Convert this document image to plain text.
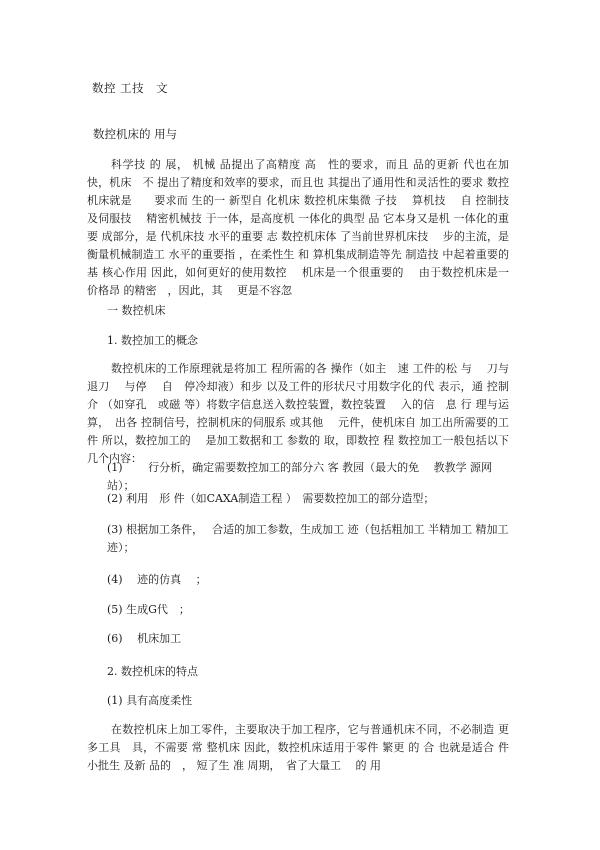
数控 工技　文
数控机床的 用与
科学技 的 展， 机械 品提出了高精度 高　性的要求，而且 品的更新 代也在加快，机床　不 提出了精度和效率的要求，而且也 其提出了通用性和灵活性的要求 数控机床就是　　要求而 生的一 新型自 化机床 数控机床集微 子技　 算机技　 自 控制技 及伺服技　 精密机械技 于一体，是高度机 一体化的典型 品 它本身又是机 一体化的重要 成部分，是 代机床技 水平的重要 志 数控机床体 了当前世界机床技　 步的主流，是衡量机械制造工 水平的重要指 ，在柔性生 和 算机集成制造等先 制造技 中起着重要的基 核心作用 因此，如何更好的使用数控　 机床是一个很重要的　 由于数控机床是一 价格昂 的精密　，因此，其　 更是不容忽　
一 数控机床
1. 数控加工的概念
数控机床的工作原理就是将加工 程所需的各 操作（如主　速 工件的松 与　 刀与退刀　 与停　 自　停冷却液）和步 以及工件的形状尺寸用数字化的代 表示，通 控制介 （如穿孔　或磁 等）将数字信息送入数控装置，数控装置　 入的信　息 行 理与运算，　出各 控制信号，控制机床的伺服系 或其他　 元件，使机床自 加工出所需要的工件 所以，数控加工的　 是加工数据和工 参数的 取，即数控 程 数控加工一般包括以下几个内容：
(1)　　 行分析，确定需要数控加工的部分六 客 教园（最大的免　 教教学 源网站）；
(2) 利用　形 件（如CAXA制造工程 ）　需要数控加工的部分造型；
(3) 根据加工条件，　 合适的加工参数，生成加工 迹（包括粗加工 半精加工 精加工 迹）；
(4)　 迹的仿真　 ；
(5) 生成G代　；
(6)　 机床加工
2. 数控机床的特点
(1) 具有高度柔性
在数控机床上加工零件，主要取决于加工程序，它与普通机床不同，不必制造 更　多工具　具，不需要 常 整机床 因此，数控机床适用于零件 繁更 的 合 也就是适合 件 小批生 及新 品的　， 短了生 准 周期，　省了大量工　 的 用
